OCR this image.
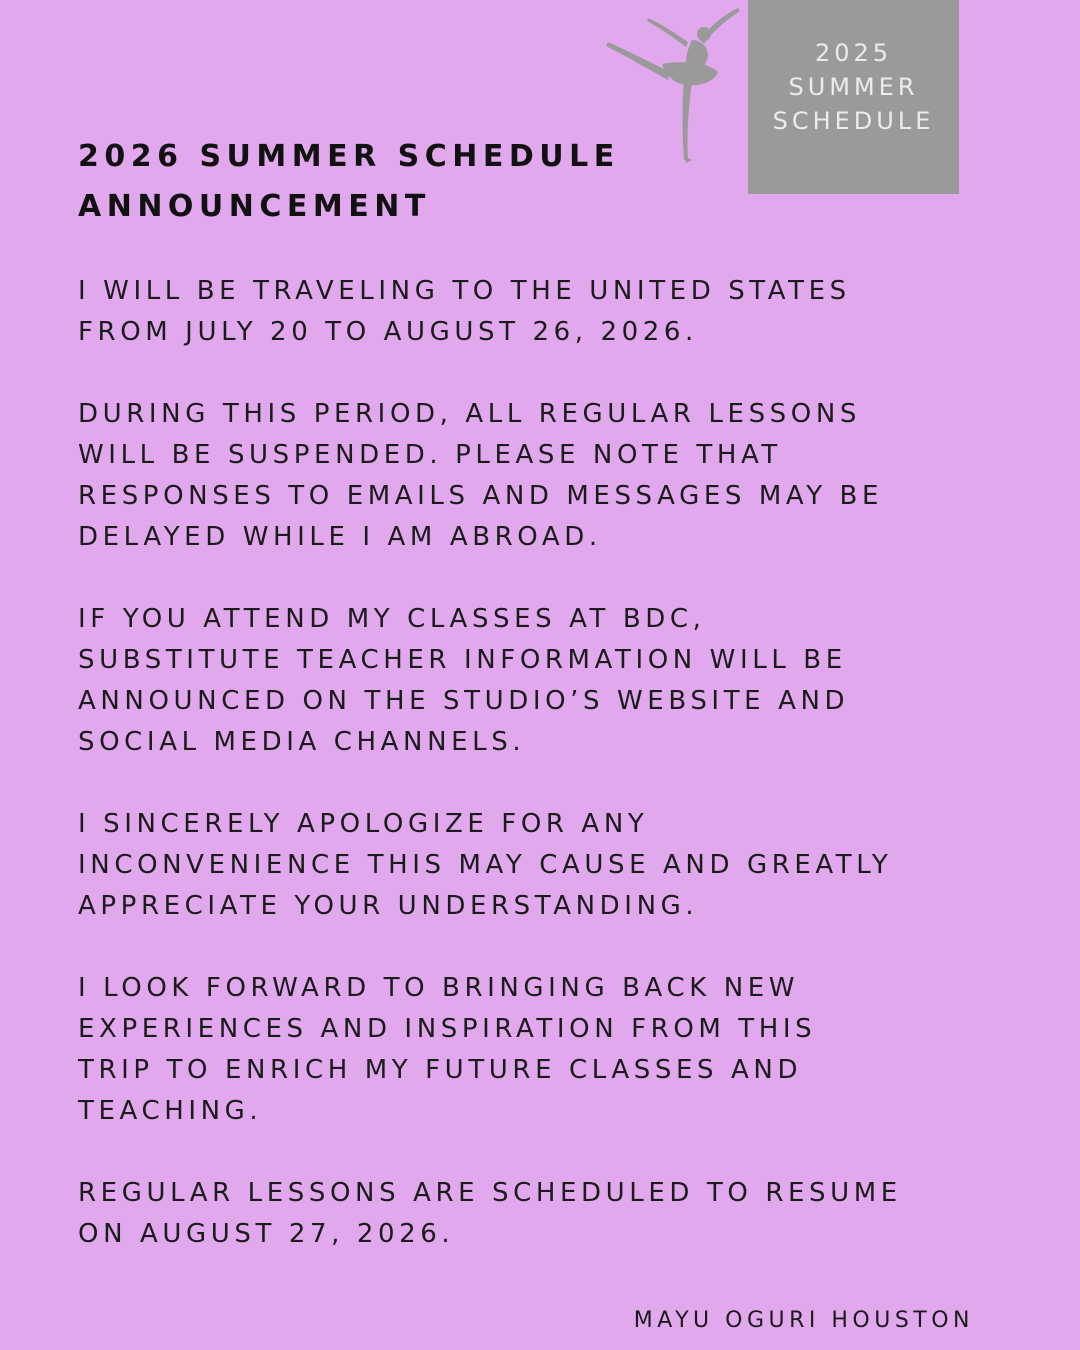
2025
SUMMER
SCHEDULE
2026 SUMMER SCHEDULE
ANNOUNCEMENT
I WILL BE TRAVELING TO THE UNITED STATES
FROM JULY 20 TO AUGUST 26, 2026.
DURING THIS PERIOD, ALL REGULAR LESSONS
WILL BE SUSPENDED. PLEASE NOTE THAT
RESPONSES TO EMAILS AND MESSAGES MAY BE
DELAYED WHILE I AM ABROAD.
IF YOU ATTEND MY CLASSES AT BDC,
SUBSTITUTE TEACHER INFORMATION WILL BE
ANNOUNCED ON THE STUDIO’S WEBSITE AND
SOCIAL MEDIA CHANNELS.
I SINCERELY APOLOGIZE FOR ANY
INCONVENIENCE THIS MAY CAUSE AND GREATLY
APPRECIATE YOUR UNDERSTANDING.
I LOOK FORWARD TO BRINGING BACK NEW
EXPERIENCES AND INSPIRATION FROM THIS
TRIP TO ENRICH MY FUTURE CLASSES AND
TEACHING.
REGULAR LESSONS ARE SCHEDULED TO RESUME
ON AUGUST 27, 2026.
MAYU OGURI HOUSTON
